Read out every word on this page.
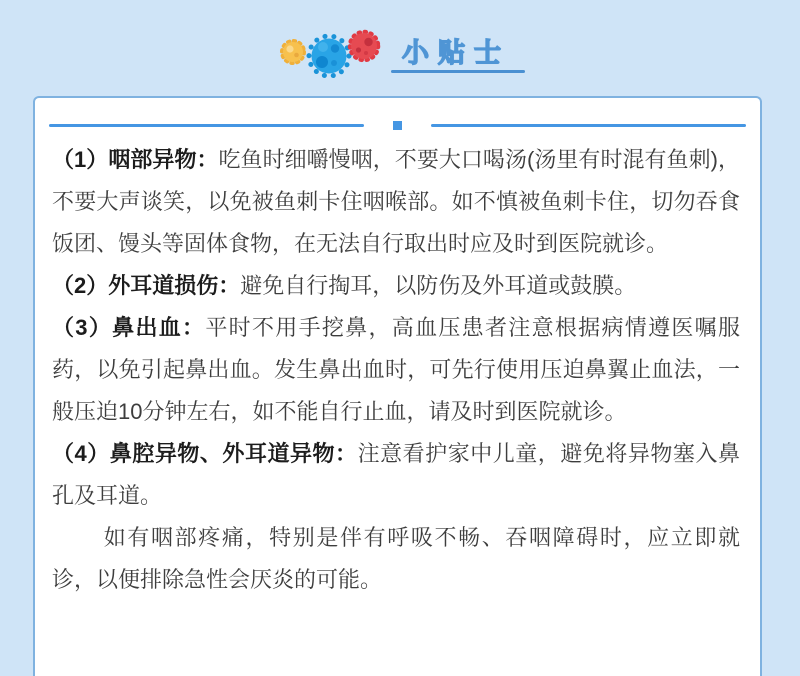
小贴士

（1）咽部异物：吃鱼时细嚼慢咽，不要大口喝汤(汤里有时混有鱼刺)，不要大声谈笑，以免被鱼刺卡住咽喉部。如不慎被鱼刺卡住，切勿吞食饭团、馒头等固体食物，在无法自行取出时应及时到医院就诊。

（2）外耳道损伤：避免自行掏耳，以防伤及外耳道或鼓膜。

（3）鼻出血：平时不用手挖鼻，高血压患者注意根据病情遵医嘱服药，以免引起鼻出血。发生鼻出血时，可先行使用压迫鼻翼止血法，一般压迫10分钟左右，如不能自行止血，请及时到医院就诊。

（4）鼻腔异物、外耳道异物：注意看护家中儿童，避免将异物塞入鼻孔及耳道。

如有咽部疼痛，特别是伴有呼吸不畅、吞咽障碍时，应立即就诊，以便排除急性会厌炎的可能。
